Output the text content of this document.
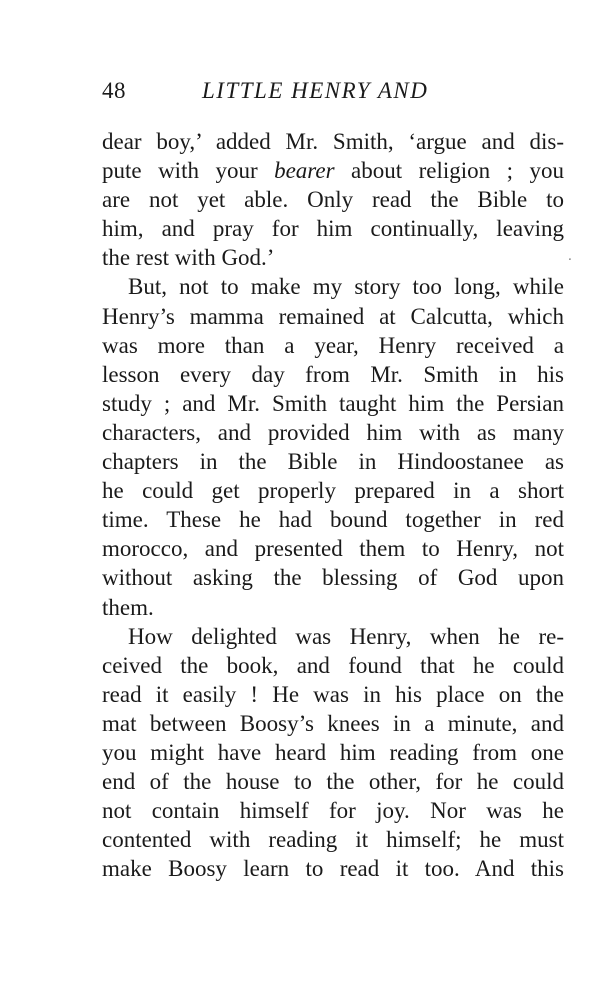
48	LITTLE HENRY AND
dear boy,’ added Mr. Smith, ‘argue and dis-
pute with your bearer about religion ; you
are not yet able. Only read the Bible to
him, and pray for him continually, leaving
the rest with God.’
But, not to make my story too long, while
Henry’s mamma remained at Calcutta, which
was more than a year, Henry received a
lesson every day from Mr. Smith in his
study ; and Mr. Smith taught him the Persian
characters, and provided him with as many
chapters in the Bible in Hindoostanee as
he could get properly prepared in a short
time. These he had bound together in red
morocco, and presented them to Henry, not
without asking the blessing of God upon
them.
How delighted was Henry, when he re-
ceived the book, and found that he could
read it easily ! He was in his place on the
mat between Boosy’s knees in a minute, and
you might have heard him reading from one
end of the house to the other, for he could
not contain himself for joy. Nor was he
contented with reading it himself; he must
make Boosy learn to read it too. And this
ˑ
